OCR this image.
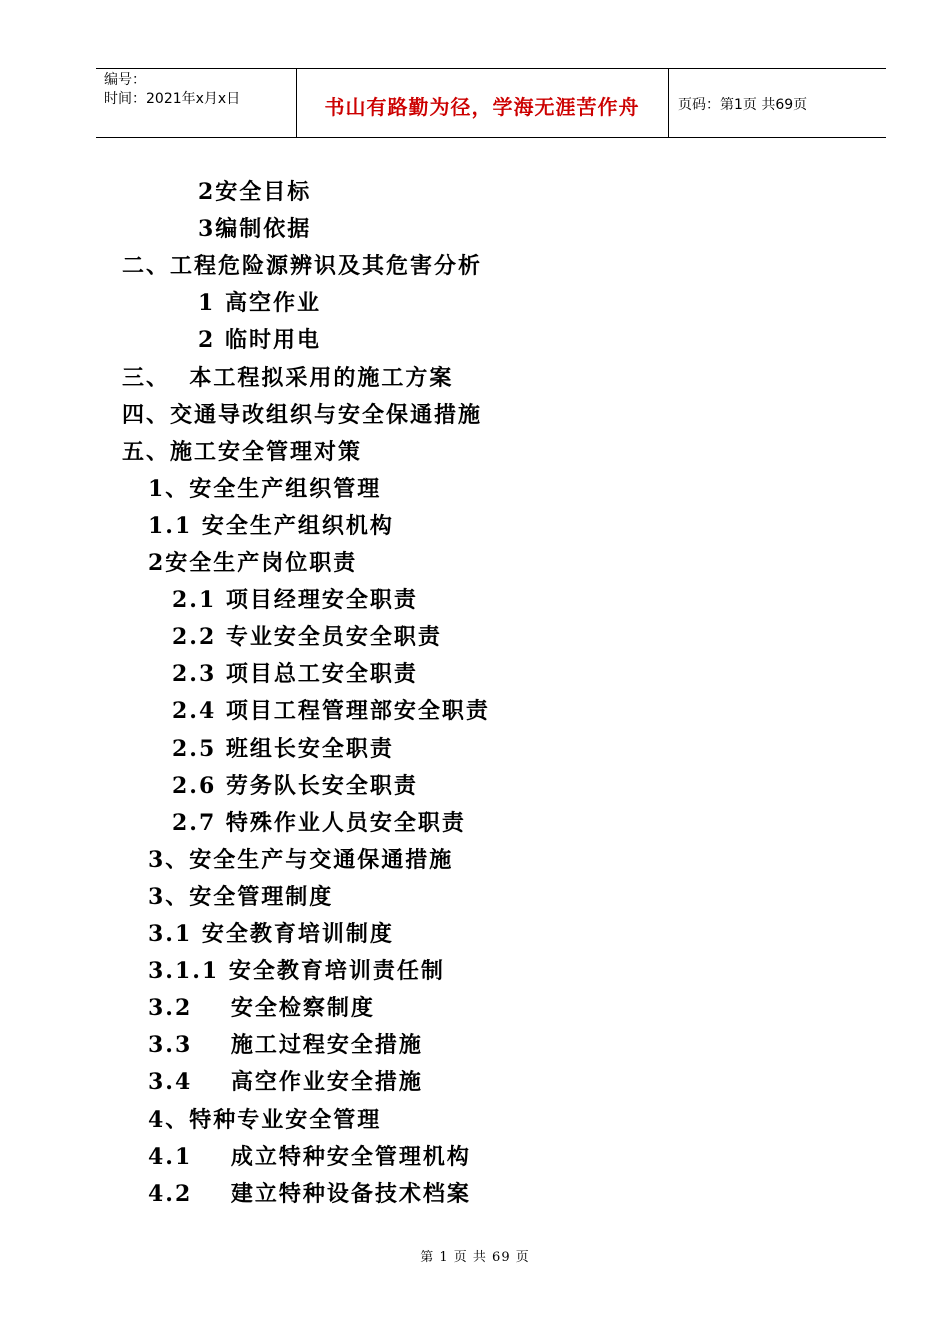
编号：
时间：2021年x月x日	书山有路勤为径，学海无涯苦作舟	页码：第1页 共69页
2安全目标
3编制依据
二、工程危险源辨识及其危害分析
1 高空作业
2 临时用电
三、  本工程拟采用的施工方案
四、交通导改组织与安全保通措施
五、施工安全管理对策
1、安全生产组织管理
1.1 安全生产组织机构
2安全生产岗位职责
2.1 项目经理安全职责
2.2 专业安全员安全职责
2.3 项目总工安全职责
2.4 项目工程管理部安全职责
2.5 班组长安全职责
2.6 劳务队长安全职责
2.7 特殊作业人员安全职责
3、安全生产与交通保通措施
3、安全管理制度
3.1 安全教育培训制度
3.1.1 安全教育培训责任制
3.2    安全检察制度
3.3    施工过程安全措施
3.4    高空作业安全措施
4、特种专业安全管理
4.1    成立特种安全管理机构
4.2    建立特种设备技术档案
第 1 页 共 69 页
